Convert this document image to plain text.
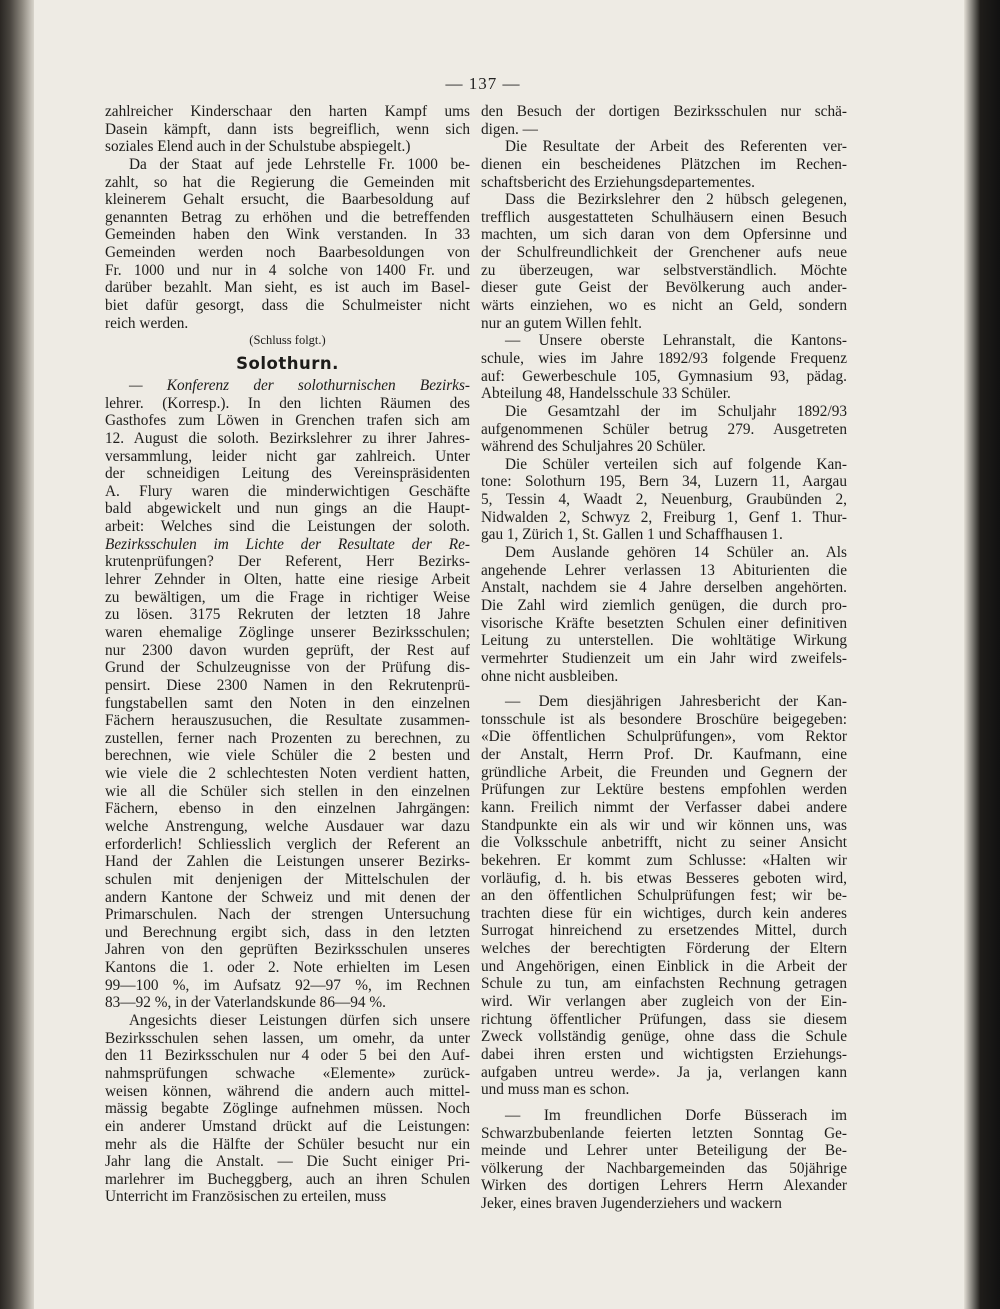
— 137 —
zahlreicher Kinderschaar den harten Kampf ums
Dasein kämpft, dann ists begreiflich, wenn sich
soziales Elend auch in der Schulstube abspiegelt.)
Da der Staat auf jede Lehrstelle Fr. 1000 be-
zahlt, so hat die Regierung die Gemeinden mit
kleinerem Gehalt ersucht, die Baarbesoldung auf
genannten Betrag zu erhöhen und die betreffenden
Gemeinden haben den Wink verstanden. In 33
Gemeinden werden noch Baarbesoldungen von
Fr. 1000 und nur in 4 solche von 1400 Fr. und
darüber bezahlt. Man sieht, es ist auch im Basel-
biet dafür gesorgt, dass die Schulmeister nicht
reich werden.
(Schluss folgt.)
Solothurn.
— Konferenz der solothurnischen Bezirks-
lehrer. (Korresp.). In den lichten Räumen des
Gasthofes zum Löwen in Grenchen trafen sich am
12. August die soloth. Bezirkslehrer zu ihrer Jahres-
versammlung, leider nicht gar zahlreich. Unter
der schneidigen Leitung des Vereinspräsidenten
A. Flury waren die minderwichtigen Geschäfte
bald abgewickelt und nun gings an die Haupt-
arbeit: Welches sind die Leistungen der soloth.
Bezirksschulen im Lichte der Resultate der Re-
krutenprüfungen? Der Referent, Herr Bezirks-
lehrer Zehnder in Olten, hatte eine riesige Arbeit
zu bewältigen, um die Frage in richtiger Weise
zu lösen. 3175 Rekruten der letzten 18 Jahre
waren ehemalige Zöglinge unserer Bezirksschulen;
nur 2300 davon wurden geprüft, der Rest auf
Grund der Schulzeugnisse von der Prüfung dis-
pensirt. Diese 2300 Namen in den Rekrutenprü-
fungstabellen samt den Noten in den einzelnen
Fächern herauszusuchen, die Resultate zusammen-
zustellen, ferner nach Prozenten zu berechnen, zu
berechnen, wie viele Schüler die 2 besten und
wie viele die 2 schlechtesten Noten verdient hatten,
wie all die Schüler sich stellen in den einzelnen
Fächern, ebenso in den einzelnen Jahrgängen:
welche Anstrengung, welche Ausdauer war dazu
erforderlich! Schliesslich verglich der Referent an
Hand der Zahlen die Leistungen unserer Bezirks-
schulen mit denjenigen der Mittelschulen der
andern Kantone der Schweiz und mit denen der
Primarschulen. Nach der strengen Untersuchung
und Berechnung ergibt sich, dass in den letzten
Jahren von den geprüften Bezirksschulen unseres
Kantons die 1. oder 2. Note erhielten im Lesen
99—100 %, im Aufsatz 92—97 %, im Rechnen
83—92 %, in der Vaterlandskunde 86—94 %.
Angesichts dieser Leistungen dürfen sich unsere
Bezirksschulen sehen lassen, um omehr, da unter
den 11 Bezirksschulen nur 4 oder 5 bei den Auf-
nahmsprüfungen schwache «Elemente» zurück-
weisen können, während die andern auch mittel-
mässig begabte Zöglinge aufnehmen müssen. Noch
ein anderer Umstand drückt auf die Leistungen:
mehr als die Hälfte der Schüler besucht nur ein
Jahr lang die Anstalt. — Die Sucht einiger Pri-
marlehrer im Bucheggberg, auch an ihren Schulen
Unterricht im Französischen zu erteilen, muss
den Besuch der dortigen Bezirksschulen nur schä-
digen. —
Die Resultate der Arbeit des Referenten ver-
dienen ein bescheidenes Plätzchen im Rechen-
schaftsbericht des Erziehungsdepartementes.
Dass die Bezirkslehrer den 2 hübsch gelegenen,
trefflich ausgestatteten Schulhäusern einen Besuch
machten, um sich daran von dem Opfersinne und
der Schulfreundlichkeit der Grenchener aufs neue
zu überzeugen, war selbstverständlich. Möchte
dieser gute Geist der Bevölkerung auch ander-
wärts einziehen, wo es nicht an Geld, sondern
nur an gutem Willen fehlt.
— Unsere oberste Lehranstalt, die Kantons-
schule, wies im Jahre 1892/93 folgende Frequenz
auf: Gewerbeschule 105, Gymnasium 93, pädag.
Abteilung 48, Handelsschule 33 Schüler.
Die Gesamtzahl der im Schuljahr 1892/93
aufgenommenen Schüler betrug 279. Ausgetreten
während des Schuljahres 20 Schüler.
Die Schüler verteilen sich auf folgende Kan-
tone: Solothurn 195, Bern 34, Luzern 11, Aargau
5, Tessin 4, Waadt 2, Neuenburg, Graubünden 2,
Nidwalden 2, Schwyz 2, Freiburg 1, Genf 1. Thur-
gau 1, Zürich 1, St. Gallen 1 und Schaffhausen 1.
Dem Auslande gehören 14 Schüler an. Als
angehende Lehrer verlassen 13 Abiturienten die
Anstalt, nachdem sie 4 Jahre derselben angehörten.
Die Zahl wird ziemlich genügen, die durch pro-
visorische Kräfte besetzten Schulen einer definitiven
Leitung zu unterstellen. Die wohltätige Wirkung
vermehrter Studienzeit um ein Jahr wird zweifels-
ohne nicht ausbleiben.
— Dem diesjährigen Jahresbericht der Kan-
tonsschule ist als besondere Broschüre beigegeben:
«Die öffentlichen Schulprüfungen», vom Rektor
der Anstalt, Herrn Prof. Dr. Kaufmann, eine
gründliche Arbeit, die Freunden und Gegnern der
Prüfungen zur Lektüre bestens empfohlen werden
kann. Freilich nimmt der Verfasser dabei andere
Standpunkte ein als wir und wir können uns, was
die Volksschule anbetrifft, nicht zu seiner Ansicht
bekehren. Er kommt zum Schlusse: «Halten wir
vorläufig, d. h. bis etwas Besseres geboten wird,
an den öffentlichen Schulprüfungen fest; wir be-
trachten diese für ein wichtiges, durch kein anderes
Surrogat hinreichend zu ersetzendes Mittel, durch
welches der berechtigten Förderung der Eltern
und Angehörigen, einen Einblick in die Arbeit der
Schule zu tun, am einfachsten Rechnung getragen
wird. Wir verlangen aber zugleich von der Ein-
richtung öffentlicher Prüfungen, dass sie diesem
Zweck vollständig genüge, ohne dass die Schule
dabei ihren ersten und wichtigsten Erziehungs-
aufgaben untreu werde». Ja ja, verlangen kann
und muss man es schon.
— Im freundlichen Dorfe Büsserach im
Schwarzbubenlande feierten letzten Sonntag Ge-
meinde und Lehrer unter Beteiligung der Be-
völkerung der Nachbargemeinden das 50jährige
Wirken des dortigen Lehrers Herrn Alexander
Jeker, eines braven Jugenderziehers und wackern
